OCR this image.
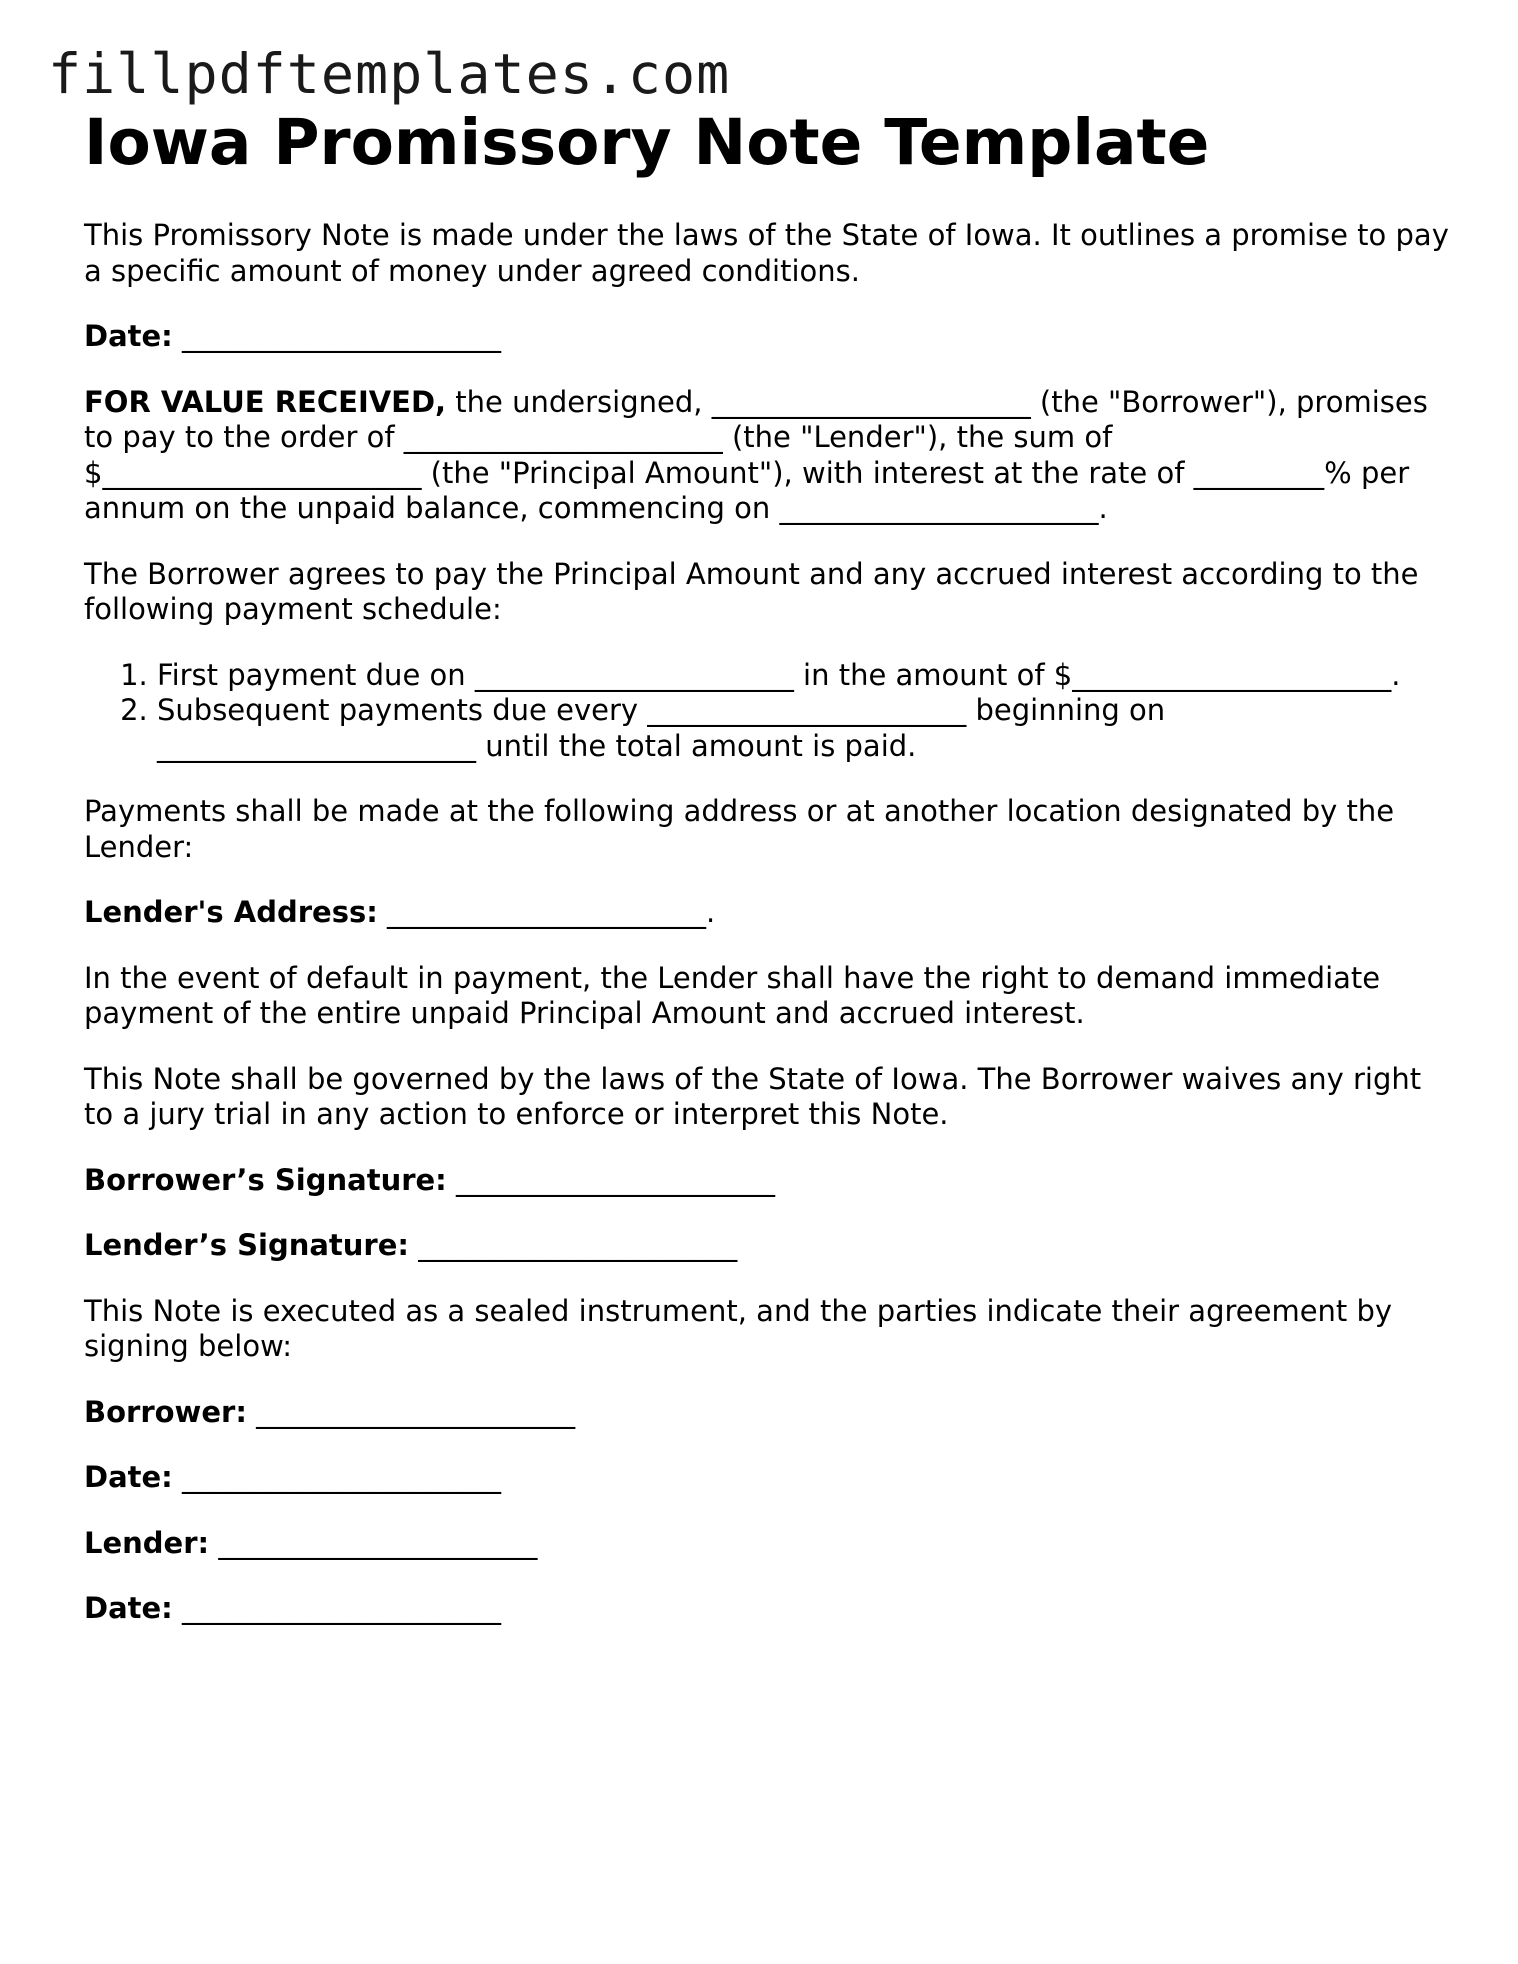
fillpdftemplates.com
Iowa Promissory Note Template

This Promissory Note is made under the laws of the State of Iowa. It outlines a promise to pay a specific amount of money under agreed conditions.

Date: ______________________

FOR VALUE RECEIVED, the undersigned, ______________________ (the "Borrower"), promises to pay to the order of ______________________ (the "Lender"), the sum of $______________________ (the "Principal Amount"), with interest at the rate of _________% per annum on the unpaid balance, commencing on ______________________.

The Borrower agrees to pay the Principal Amount and any accrued interest according to the following payment schedule:

1. First payment due on ______________________ in the amount of $______________________.
2. Subsequent payments due every ______________________ beginning on ______________________ until the total amount is paid.

Payments shall be made at the following address or at another location designated by the Lender:

Lender's Address: ______________________.

In the event of default in payment, the Lender shall have the right to demand immediate payment of the entire unpaid Principal Amount and accrued interest.

This Note shall be governed by the laws of the State of Iowa. The Borrower waives any right to a jury trial in any action to enforce or interpret this Note.

Borrower’s Signature: ______________________

Lender’s Signature: ______________________

This Note is executed as a sealed instrument, and the parties indicate their agreement by signing below:

Borrower: ______________________

Date: ______________________

Lender: ______________________

Date: ______________________
